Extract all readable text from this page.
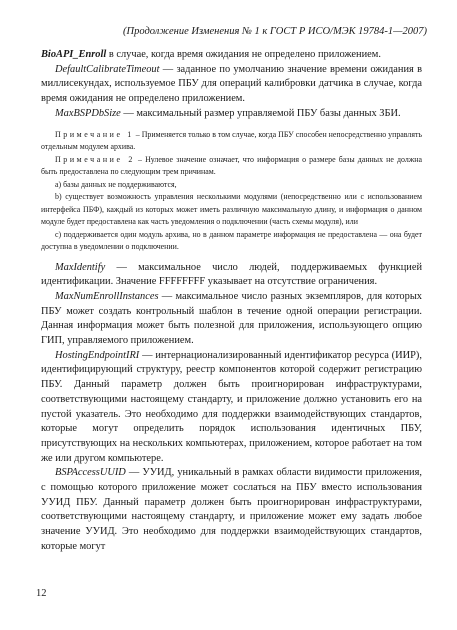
(Продолжение Изменения № 1 к ГОСТ Р ИСО/МЭК 19784-1—2007)

BioAPI_Enroll в случае, когда время ожидания не определено приложением.

DefaultCalibrateTimeout — заданное по умолчанию значение времени ожидания в миллисекундах, используемое ПБУ для операций калибровки датчика в случае, когда время ожидания не определено приложением.

MaxBSPDbSize — максимальный размер управляемой ПБУ базы данных ЗБИ.

Примечание 1 – Применяется только в том случае, когда ПБУ способен непосредственно управлять отдельным модулем архива.

Примечание 2 – Нулевое значение означает, что информация о размере базы данных не должна быть предоставлена по следующим трем причинам.

а) базы данных не поддерживаются,

b) существует возможность управления несколькими модулями (непосредственно или с использованием интерфейса ПБФ), каждый из которых может иметь различную максимальную длину, и информация о данном модуле будет предоставлена как часть уведомления о подключении (часть схемы модуля), или

с) поддерживается один модуль архива, но в данном параметре информация не предоставлена — она будет доступна в уведомлении о подключении.

MaxIdentify — максимальное число людей, поддерживаемых функцией идентификации. Значение FFFFFFFF указывает на отсутствие ограничения.

MaxNumEnrollInstances — максимальное число разных экземпляров, для которых ПБУ может создать контрольный шаблон в течение одной операции регистрации. Данная информация может быть полезной для приложения, использующего опцию ГИП, управляемого приложением.

HostingEndpointIRI — интернационализированный идентификатор ресурса (ИИР), идентифицирующий структуру, реестр компонентов которой содержит регистрацию ПБУ. Данный параметр должен быть проигнорирован инфраструктурами, соответствующими настоящему стандарту, и приложение должно установить его на пустой указатель. Это необходимо для поддержки взаимодействующих стандартов, которые могут определить порядок использования идентичных ПБУ, присутствующих на нескольких компьютерах, приложением, которое работает на том же или другом компьютере.

BSPAccessUUID — УУИД, уникальный в рамках области видимости приложения, с помощью которого приложение может сослаться на ПБУ вместо использования УУИД ПБУ. Данный параметр должен быть проигнорирован инфраструктурами, соответствующими настоящему стандарту, и приложение может ему задать любое значение УУИД. Это необходимо для поддержки взаимодействующих стандартов, которые могут

12
